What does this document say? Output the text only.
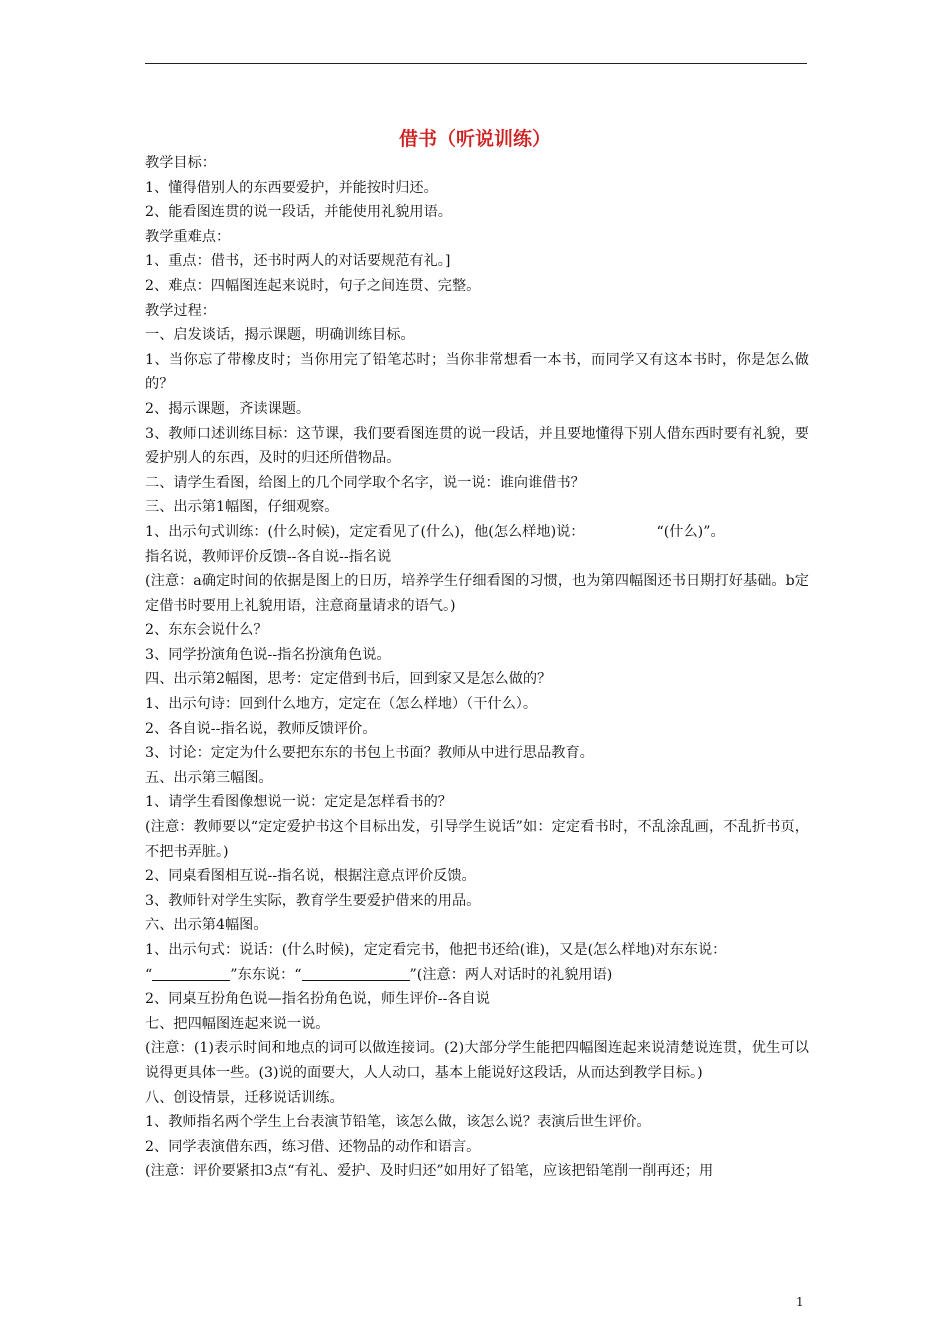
借书（听说训练）
教学目标：
1、懂得借别人的东西要爱护，并能按时归还。
2、能看图连贯的说一段话，并能使用礼貌用语。
教学重难点：
1、重点：借书，还书时两人的对话要规范有礼。]
2、难点：四幅图连起来说时，句子之间连贯、完整。
教学过程：
一、启发谈话，揭示课题，明确训练目标。
1、当你忘了带橡皮时；当你用完了铅笔芯时；当你非常想看一本书，而同学又有这本书时，你是怎么做的？
2、揭示课题，齐读课题。
3、教师口述训练目标：这节课，我们要看图连贯的说一段话，并且要地懂得下别人借东西时要有礼貌，要爱护别人的东西，及时的归还所借物品。
二、请学生看图，给图上的几个同学取个名字，说一说：谁向谁借书？
三、出示第1幅图，仔细观察。
1、出示句式训练：(什么时候)，定定看见了(什么)，他(怎么样地)说：	“(什么)”。
指名说，教师评价反馈--各自说--指名说
(注意：a确定时间的依据是图上的日历，培养学生仔细看图的习惯，也为第四幅图还书日期打好基础。b定定借书时要用上礼貌用语，注意商量请求的语气。)
2、东东会说什么？
3、同学扮演角色说--指名扮演角色说。
四、出示第2幅图，思考：定定借到书后，回到家又是怎么做的？
1、出示句诗：回到什么地方，定定在（怎么样地）（干什么）。
2、各自说--指名说，教师反馈评价。
3、讨论：定定为什么要把东东的书包上书面？教师从中进行思品教育。
五、出示第三幅图。
1、请学生看图像想说一说：定定是怎样看书的？
(注意：教师要以“定定爱护书这个目标出发，引导学生说话”如：定定看书时，不乱涂乱画，不乱折书页，不把书弄脏。)
2、同桌看图相互说--指名说，根据注意点评价反馈。
3、教师针对学生实际，教育学生要爱护借来的用品。
六、出示第4幅图。
1、出示句式：说话：(什么时候)，定定看完书，他把书还给(谁)，又是(怎么样地)对东东说：
“	”东东说：“	”(注意：两人对话时的礼貌用语)
2、同桌互扮角色说—指名扮角色说，师生评价--各自说
七、把四幅图连起来说一说。
(注意：(1)表示时间和地点的词可以做连接词。(2)大部分学生能把四幅图连起来说清楚说连贯，优生可以说得更具体一些。(3)说的面要大，人人动口，基本上能说好这段话，从而达到教学目标。)
八、创设情景，迁移说话训练。
1、教师指名两个学生上台表演节铅笔，该怎么做，该怎么说？表演后世生评价。
2、同学表演借东西，练习借、还物品的动作和语言。
(注意：评价要紧扣3点“有礼、爱护、及时归还”如用好了铅笔，应该把铅笔削一削再还；用
1
